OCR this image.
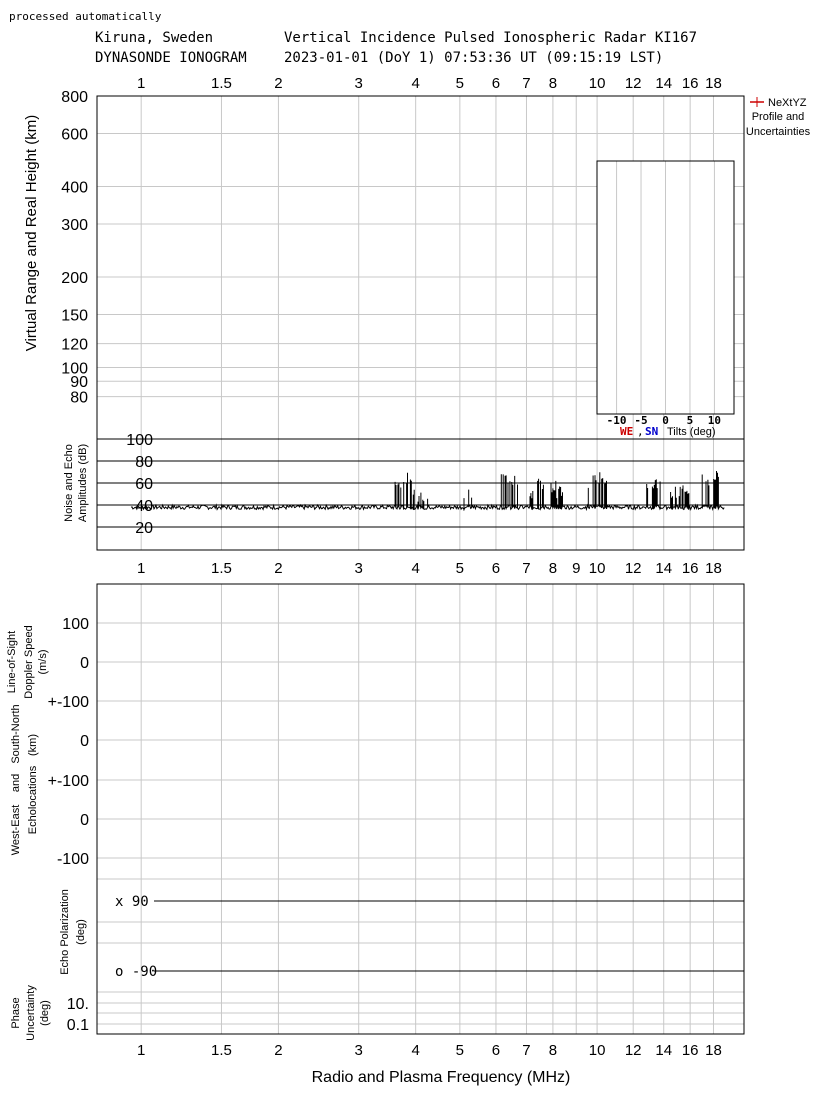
processed automatically
Kiruna, Sweden	Vertical Incidence Pulsed Ionospheric Radar KI167
DYNASONDE IONOGRAM	2023-01-01 (DoY 1) 07:53:36 UT (09:15:19 LST)
NeXtYZ
Profile and
Uncertainties
100
80
60
40
20
-10 -5 0 5 10
WE , SN Tilts (deg)
800
600
400
300
200
150
120
100
90
80
1	1.5	2	3	4 5 6 7 8 10 12 14 16 18
1	1.5	2	3	4 5 6 7 8 9 10 12 14 16 18
1	1.5	2	3	4 5 6 7 8 10 12 14 16 18
100
0
+-100
0
+-100
0
-100
10.
0.1
Virtual Range and Real Height (km)
Noise and Echo Amplitudes (dB)
Line-of-Sight Doppler Speed (m/s)
South-North (km)
West-East
and Echolocations
Echo Polarization (deg)
Phase Uncertainty (deg)
x 90
o -90
Radio and Plasma Frequency (MHz)
